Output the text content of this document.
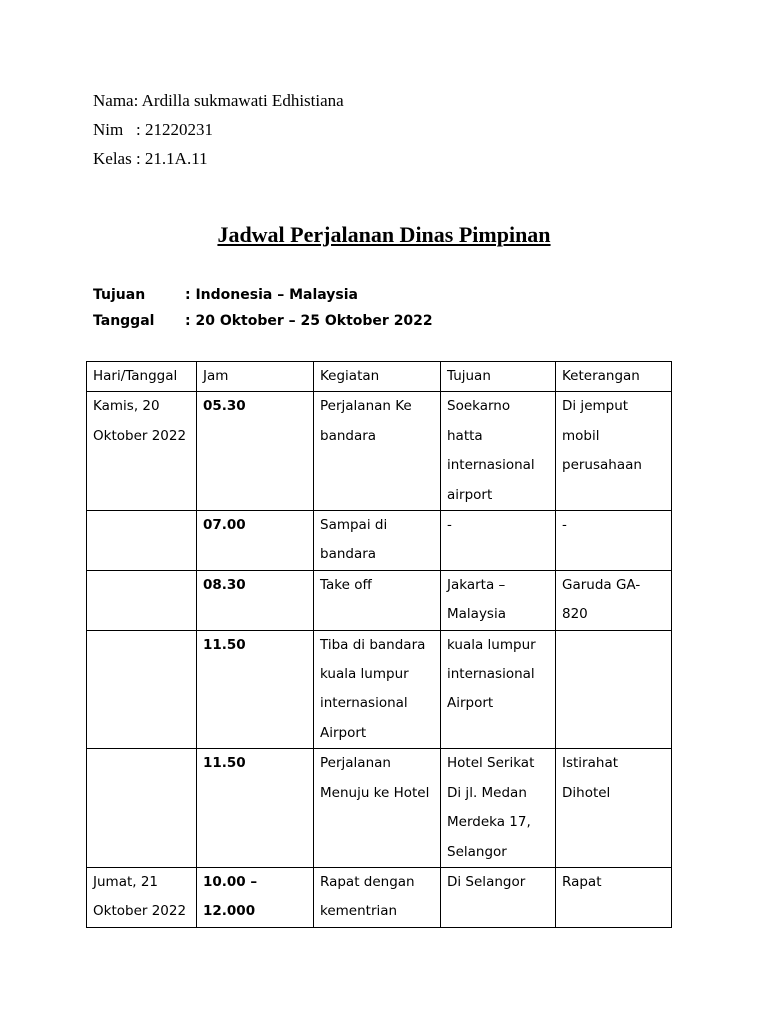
Nama: Ardilla sukmawati Edhistiana
Nim   : 21220231
Kelas : 21.1A.11
Jadwal Perjalanan Dinas Pimpinan
Tujuan	: Indonesia – Malaysia
Tanggal	: 20 Oktober – 25 Oktober 2022
Hari/Tanggal	Jam	Kegiatan	Tujuan	Keterangan
Kamis, 20 Oktober 2022	05.30	Perjalanan Ke bandara	Soekarno hatta internasional airport	Di jemput mobil perusahaan
	07.00	Sampai di bandara	-	-
	08.30	Take off	Jakarta – Malaysia	Garuda GA-820
	11.50	Tiba di bandara kuala lumpur internasional Airport	kuala lumpur internasional Airport	
	11.50	Perjalanan Menuju ke Hotel	Hotel Serikat Di jl. Medan Merdeka 17, Selangor	Istirahat Dihotel
Jumat, 21 Oktober 2022	10.00 – 12.000	Rapat dengan kementrian	Di Selangor	Rapat
